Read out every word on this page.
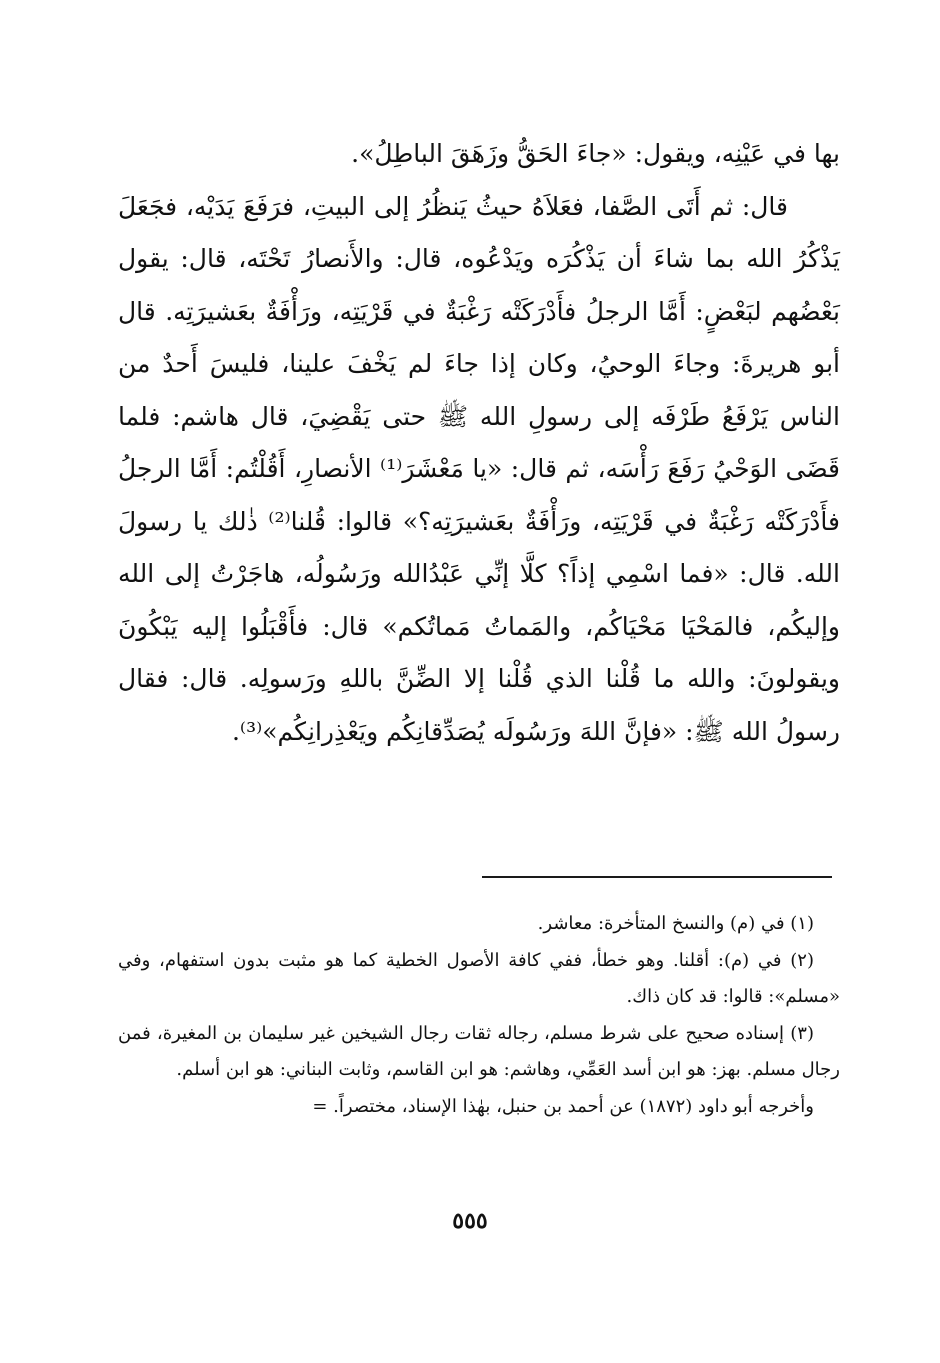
بها في عَيْنِه، ويقول: «جاءَ الحَقُّ وزَهَقَ الباطِلُ».

قال: ثم أَتَى الصَّفا، فعَلاَهُ حيثُ يَنظُرُ إلى البيتِ، فرَفَعَ يَدَيْه، فجَعَلَ يَذْكُرُ الله بما شاءَ أن يَذْكُرَه ويَدْعُوه، قال: والأَنصارُ تَحْتَه، قال: يقول بَعْضُهم لبَعْضٍ: أَمَّا الرجلُ فأَدْرَكَتْه رَغْبَةٌ في قَرْيَتِه، ورَأْفَةٌ بعَشيرَتِه. قال أبو هريرةَ: وجاءَ الوحيُ، وكان إذا جاءَ لم يَخْفَ علينا، فليسَ أَحدٌ من الناس يَرْفَعُ طَرْفَه إلى رسولِ الله ﷺ حتى يَقْضِيَ، قال هاشم: فلما قَضَى الوَحْيُ رَفَعَ رَأْسَه، ثم قال: «يا مَعْشَرَ⁽¹⁾ الأنصارِ، أَقُلْتُم: أَمَّا الرجلُ فأَدْرَكَتْه رَغْبَةٌ في قَرْيَتِه، ورَأْفَةٌ بعَشيرَتِه؟» قالوا: قُلنا⁽²⁾ ذٰلك يا رسولَ الله. قال: «فما اسْمِي إذاً؟ كلَّا إنِّي عَبْدُالله ورَسُولُه، هاجَرْتُ إلى الله وإليكُم، فالمَحْيَا مَحْيَاكُم، والمَماتُ مَماتُكم» قال: فأَقْبَلُوا إليه يَبْكُونَ ويقولونَ: والله ما قُلْنا الذي قُلْنا إلا الضِّنَّ باللهِ ورَسولِه. قال: فقال رسولُ الله ﷺ: «فإنَّ اللهَ ورَسُولَه يُصَدِّقانِكُم ويَعْذِرانِكُم»⁽³⁾.

(١) في (م) والنسخ المتأخرة: معاشر.

(٢) في (م): أقلنا. وهو خطأ، ففي كافة الأصول الخطية كما هو مثبت بدون استفهام، وفي «مسلم»: قالوا: قد كان ذاك.

(٣) إسناده صحيح على شرط مسلم، رجاله ثقات رجال الشيخين غير سليمان بن المغيرة، فمن رجال مسلم. بهز: هو ابن أسد العَمِّي، وهاشم: هو ابن القاسم، وثابت البناني: هو ابن أسلم.

وأخرجه أبو داود (١٨٧٢) عن أحمد بن حنبل، بهٰذا الإسناد، مختصراً. =

٥٥٥
